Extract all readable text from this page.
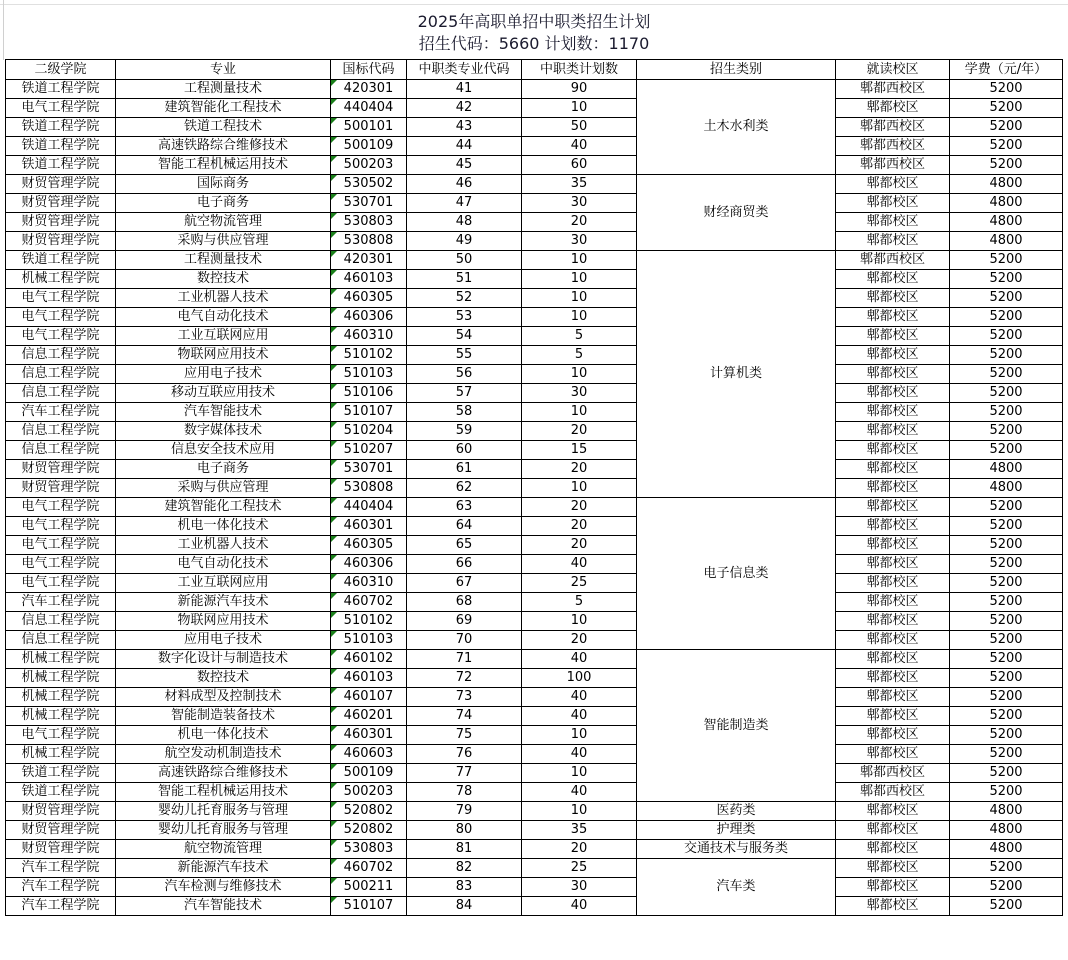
2025年高职单招中职类招生计划
招生代码：5660 计划数：1170
二级学院	专业	国标代码	中职类专业代码	中职类计划数	招生类别	就读校区	学费（元/年）
铁道工程学院	工程测量技术	420301	41	90	土木水利类	郫都西校区	5200
电气工程学院	建筑智能化工程技术	440404	42	10		郫都校区	5200
铁道工程学院	铁道工程技术	500101	43	50		郫都西校区	5200
铁道工程学院	高速铁路综合维修技术	500109	44	40		郫都西校区	5200
铁道工程学院	智能工程机械运用技术	500203	45	60		郫都西校区	5200
财贸管理学院	国际商务	530502	46	35	财经商贸类	郫都校区	4800
财贸管理学院	电子商务	530701	47	30		郫都校区	4800
财贸管理学院	航空物流管理	530803	48	20		郫都校区	4800
财贸管理学院	采购与供应管理	530808	49	30		郫都校区	4800
铁道工程学院	工程测量技术	420301	50	10	计算机类	郫都西校区	5200
机械工程学院	数控技术	460103	51	10		郫都校区	5200
电气工程学院	工业机器人技术	460305	52	10		郫都校区	5200
电气工程学院	电气自动化技术	460306	53	10		郫都校区	5200
电气工程学院	工业互联网应用	460310	54	5		郫都校区	5200
信息工程学院	物联网应用技术	510102	55	5		郫都校区	5200
信息工程学院	应用电子技术	510103	56	10		郫都校区	5200
信息工程学院	移动互联应用技术	510106	57	30		郫都校区	5200
汽车工程学院	汽车智能技术	510107	58	10		郫都校区	5200
信息工程学院	数字媒体技术	510204	59	20		郫都校区	5200
信息工程学院	信息安全技术应用	510207	60	15		郫都校区	5200
财贸管理学院	电子商务	530701	61	20		郫都校区	4800
财贸管理学院	采购与供应管理	530808	62	10		郫都校区	4800
电气工程学院	建筑智能化工程技术	440404	63	20	电子信息类	郫都校区	5200
电气工程学院	机电一体化技术	460301	64	20		郫都校区	5200
电气工程学院	工业机器人技术	460305	65	20		郫都校区	5200
电气工程学院	电气自动化技术	460306	66	40		郫都校区	5200
电气工程学院	工业互联网应用	460310	67	25		郫都校区	5200
汽车工程学院	新能源汽车技术	460702	68	5		郫都校区	5200
信息工程学院	物联网应用技术	510102	69	10		郫都校区	5200
信息工程学院	应用电子技术	510103	70	20		郫都校区	5200
机械工程学院	数字化设计与制造技术	460102	71	40	智能制造类	郫都校区	5200
机械工程学院	数控技术	460103	72	100		郫都校区	5200
机械工程学院	材料成型及控制技术	460107	73	40		郫都校区	5200
机械工程学院	智能制造装备技术	460201	74	40		郫都校区	5200
电气工程学院	机电一体化技术	460301	75	10		郫都校区	5200
机械工程学院	航空发动机制造技术	460603	76	40		郫都校区	5200
铁道工程学院	高速铁路综合维修技术	500109	77	10		郫都西校区	5200
铁道工程学院	智能工程机械运用技术	500203	78	40		郫都西校区	5200
财贸管理学院	婴幼儿托育服务与管理	520802	79	10	医药类	郫都校区	4800
财贸管理学院	婴幼儿托育服务与管理	520802	80	35	护理类	郫都校区	4800
财贸管理学院	航空物流管理	530803	81	20	交通技术与服务类	郫都校区	4800
汽车工程学院	新能源汽车技术	460702	82	25	汽车类	郫都校区	5200
汽车工程学院	汽车检测与维修技术	500211	83	30		郫都校区	5200
汽车工程学院	汽车智能技术	510107	84	40		郫都校区	5200
